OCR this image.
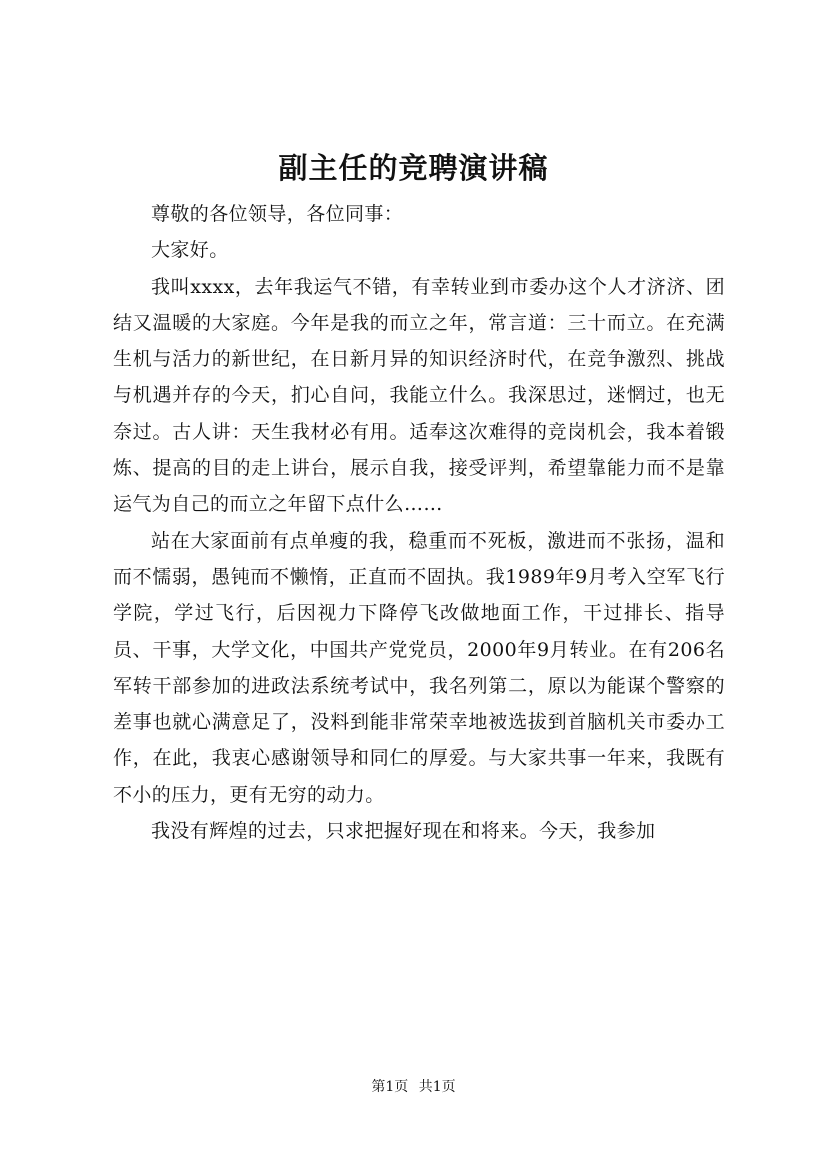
副主任的竞聘演讲稿

尊敬的各位领导，各位同事：

大家好。

我叫xxxx，去年我运气不错，有幸转业到市委办这个人才济济、团结又温暖的大家庭。今年是我的而立之年，常言道：三十而立。在充满生机与活力的新世纪，在日新月异的知识经济时代，在竞争激烈、挑战与机遇并存的今天，扪心自问，我能立什么。我深思过，迷惘过，也无奈过。古人讲：天生我材必有用。适奉这次难得的竞岗机会，我本着锻炼、提高的目的走上讲台，展示自我，接受评判，希望靠能力而不是靠运气为自己的而立之年留下点什么……

站在大家面前有点单瘦的我，稳重而不死板，激进而不张扬，温和而不懦弱，愚钝而不懒惰，正直而不固执。我1989年9月考入空军飞行学院，学过飞行，后因视力下降停飞改做地面工作，干过排长、指导员、干事，大学文化，中国共产党党员，2000年9月转业。在有206名军转干部参加的进政法系统考试中，我名列第二，原以为能谋个警察的差事也就心满意足了，没料到能非常荣幸地被选拔到首脑机关市委办工作，在此，我衷心感谢领导和同仁的厚爱。与大家共事一年来，我既有不小的压力，更有无穷的动力。

我没有辉煌的过去，只求把握好现在和将来。今天，我参加

第1页 共1页
